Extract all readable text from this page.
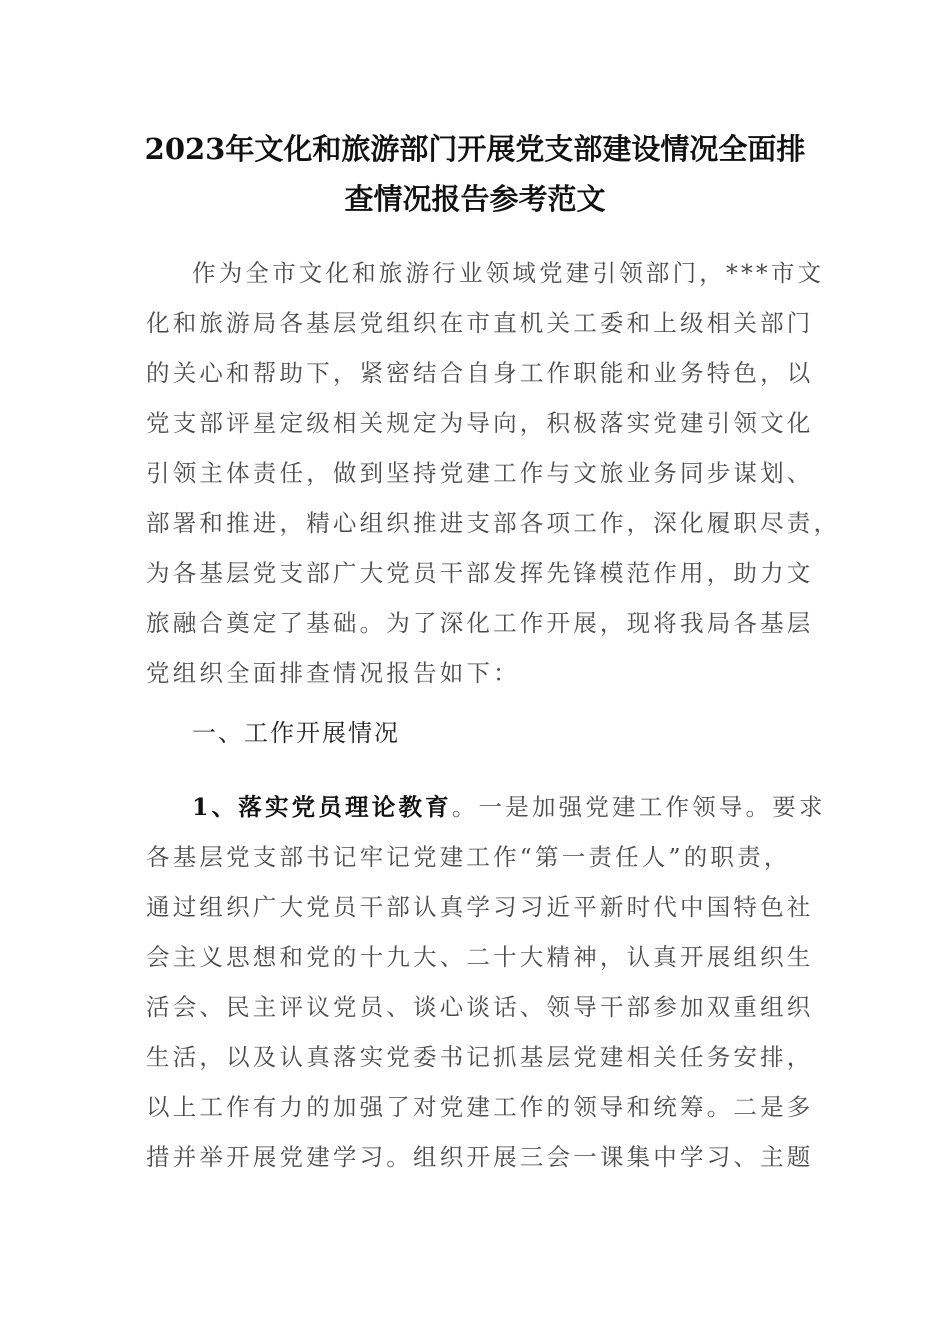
2023年文化和旅游部门开展党支部建设情况全面排
查情况报告参考范文
作为全市文化和旅游行业领域党建引领部门，***市文
化和旅游局各基层党组织在市直机关工委和上级相关部门
的关心和帮助下，紧密结合自身工作职能和业务特色，以
党支部评星定级相关规定为导向，积极落实党建引领文化
引领主体责任，做到坚持党建工作与文旅业务同步谋划、
部署和推进，精心组织推进支部各项工作，深化履职尽责，
为各基层党支部广大党员干部发挥先锋模范作用，助力文
旅融合奠定了基础。为了深化工作开展，现将我局各基层
党组织全面排查情况报告如下：
一、工作开展情况
1、落实党员理论教育。一是加强党建工作领导。要求
各基层党支部书记牢记党建工作“第一责任人”的职责，
通过组织广大党员干部认真学习习近平新时代中国特色社
会主义思想和党的十九大、二十大精神，认真开展组织生
活会、民主评议党员、谈心谈话、领导干部参加双重组织
生活，以及认真落实党委书记抓基层党建相关任务安排，
以上工作有力的加强了对党建工作的领导和统筹。二是多
措并举开展党建学习。组织开展三会一课集中学习、主题
